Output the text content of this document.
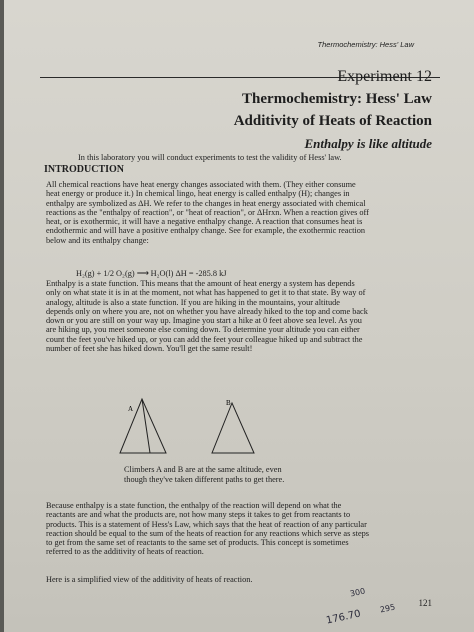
Thermochemistry: Hess' Law
Experiment 12
Thermochemistry: Hess' Law
Additivity of Heats of Reaction
Enthalpy is like altitude
In this laboratory you will conduct experiments to test the validity of Hess' law.
INTRODUCTION
All chemical reactions have heat energy changes associated with them. (They either consume
heat energy or produce it.) In chemical lingo, heat energy is called enthalpy (H); changes in
enthalpy are symbolized as ΔH. We refer to the changes in heat energy associated with chemical
reactions as the "enthalpy of reaction", or "heat of reaction", or ΔHrxn. When a reaction gives off
heat, or is exothermic, it will have a negative enthalpy change. A reaction that consumes heat is
endothermic and will have a positive enthalpy change. See for example, the exothermic reaction
below and its enthalpy change:
H₂(g) + 1/2 O₂(g) ⟶ H₂O(l) ΔH = -285.8 kJ
Enthalpy is a state function. This means that the amount of heat energy a system has depends
only on what state it is in at the moment, not what has happened to get it to that state. By way of
analogy, altitude is also a state function. If you are hiking in the mountains, your altitude
depends only on where you are, not on whether you have already hiked to the top and come back
down or you are still on your way up. Imagine you start a hike at 0 feet above sea level. As you
are hiking up, you meet someone else coming down. To determine your altitude you can either
count the feet you've hiked up, or you can add the feet your colleague hiked up and subtract the
number of feet she has hiked down. You'll get the same result!
A
B
Climbers A and B are at the same altitude, even
though they've taken different paths to get there.
Because enthalpy is a state function, the enthalpy of the reaction will depend on what the
reactants are and what the products are, not how many steps it takes to get from reactants to
products. This is a statement of Hess's Law, which says that the heat of reaction of any particular
reaction should be equal to the sum of the heats of reaction for any reactions which serve as steps
to get from the same set of reactants to the same set of products. This concept is sometimes
referred to as the additivity of heats of reaction.
Here is a simplified view of the additivity of heats of reaction.
300
176.70 295 121
